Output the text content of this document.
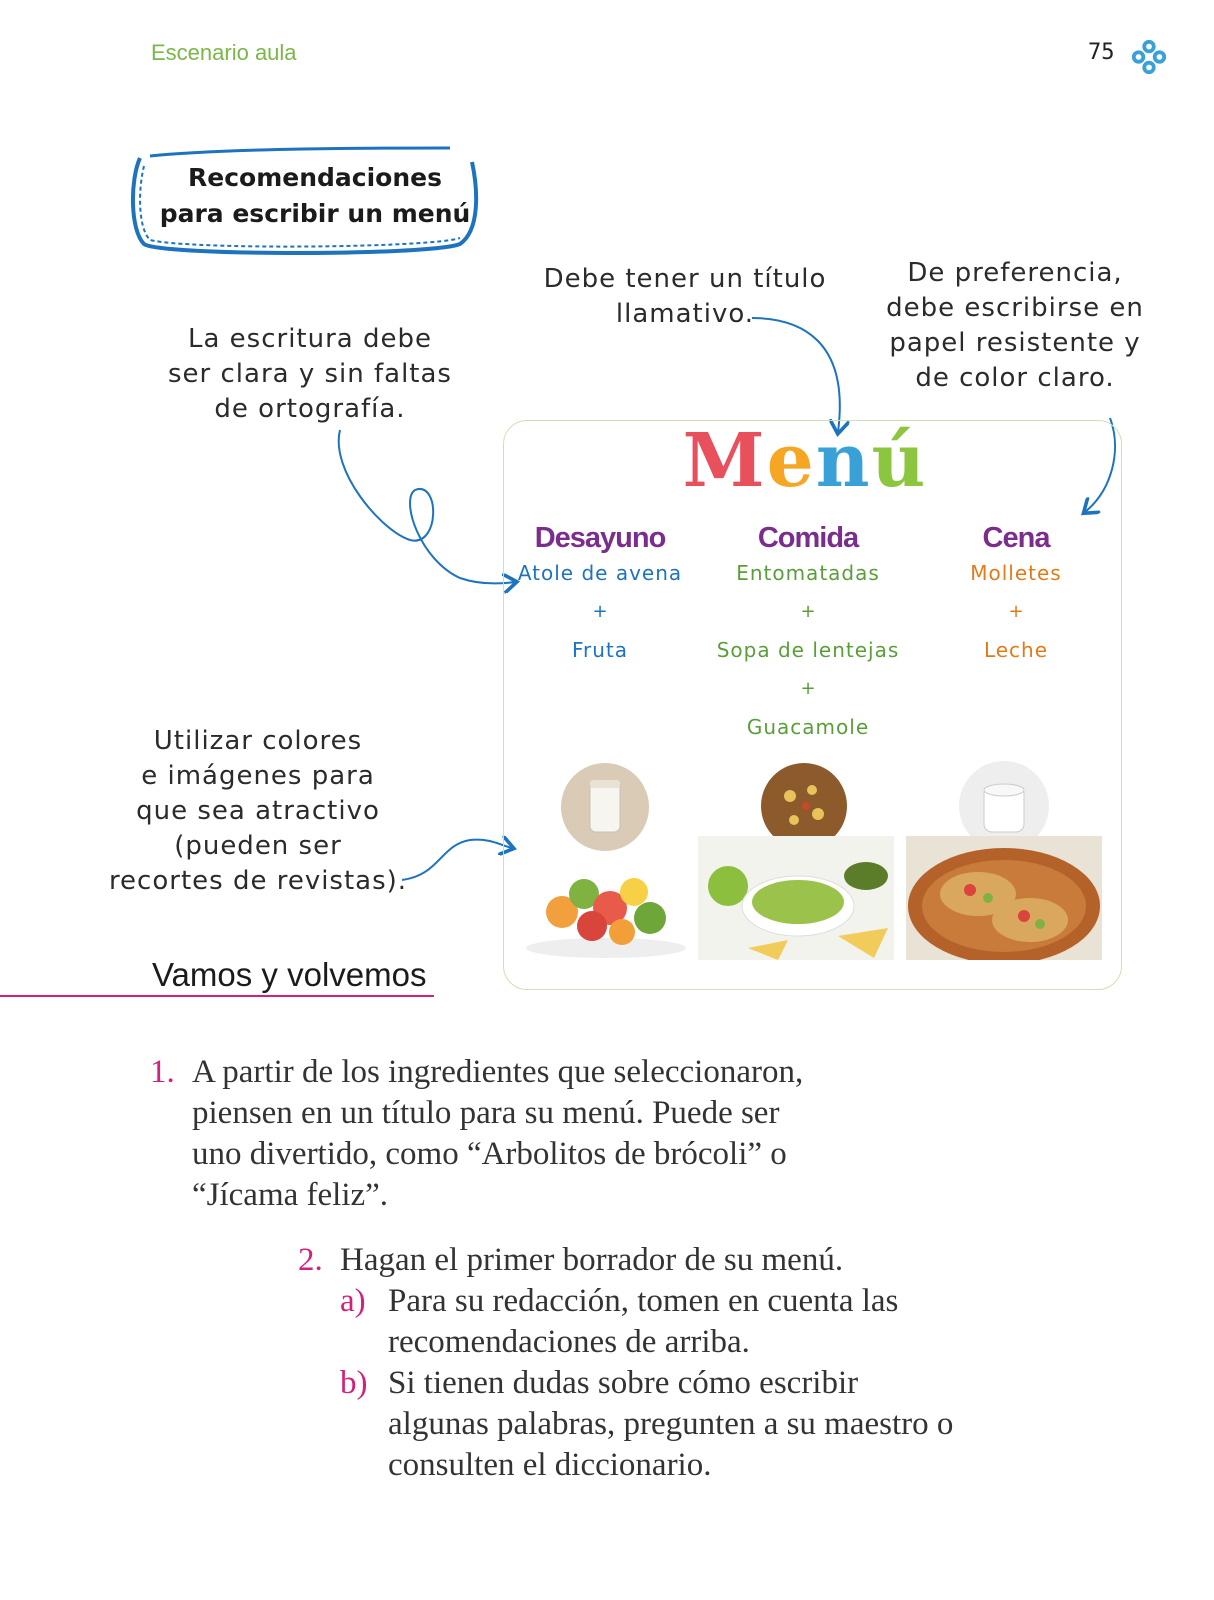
Escenario aula	75
Recomendaciones
para escribir un menú
Debe tener un título
llamativo.
De preferencia,
debe escribirse en
papel resistente y
de color claro.
La escritura debe
ser clara y sin faltas
de ortografía.
Utilizar colores
e imágenes para
que sea atractivo
(pueden ser
recortes de revistas).
Menú
Desayuno
Atole de avena
+
Fruta
Comida
Entomatadas
+
Sopa de lentejas
+
Guacamole
Cena
Molletes
+
Leche
Vamos y volvemos
1. A partir de los ingredientes que seleccionaron,
piensen en un título para su menú. Puede ser
uno divertido, como “Arbolitos de brócoli” o
“Jícama feliz”.
2. Hagan el primer borrador de su menú.
a) Para su redacción, tomen en cuenta las
recomendaciones de arriba.
b) Si tienen dudas sobre cómo escribir
algunas palabras, pregunten a su maestro o
consulten el diccionario.
